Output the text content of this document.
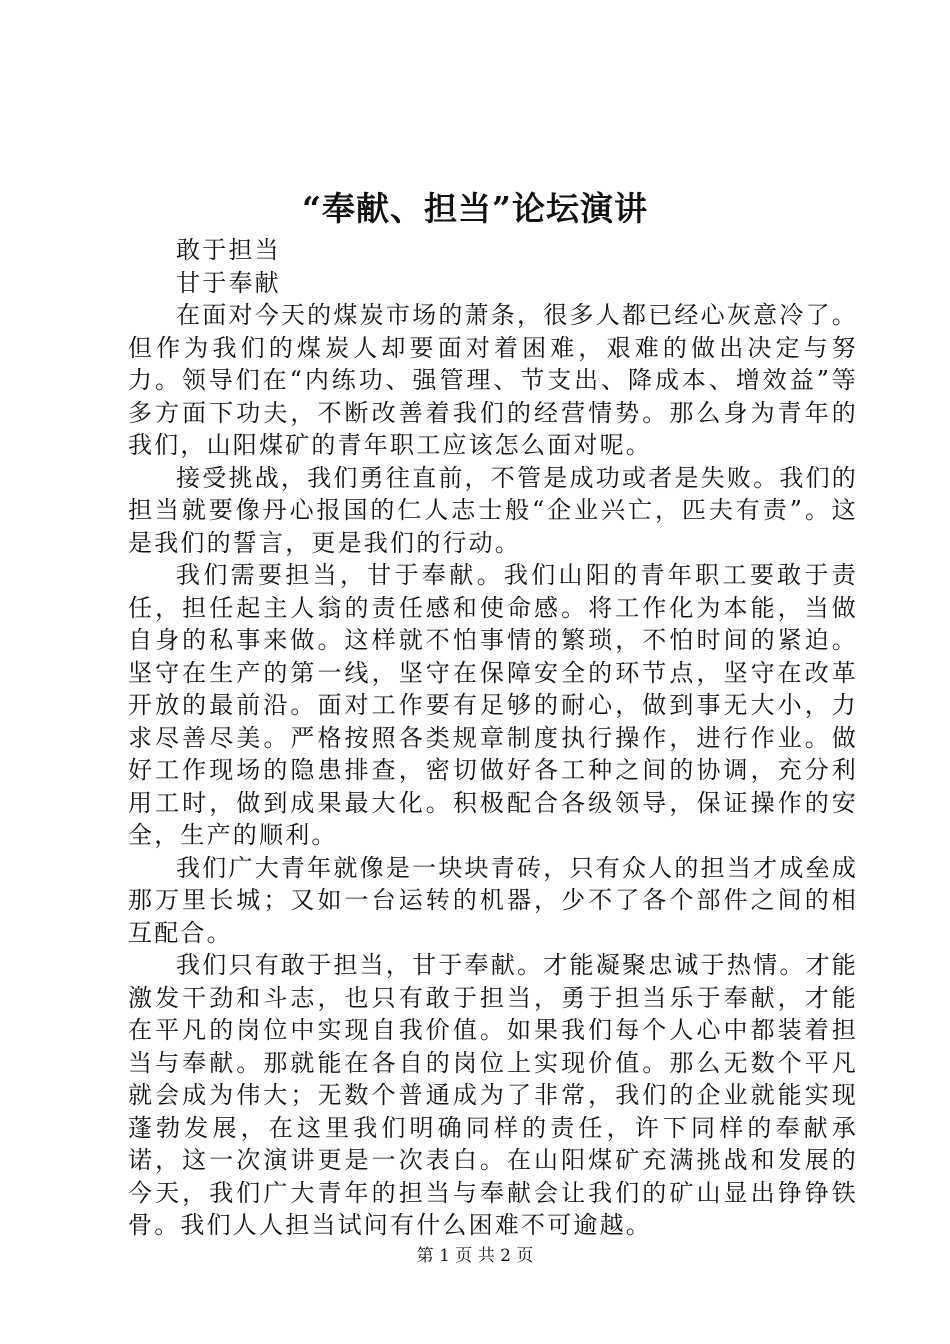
“奉献、担当”论坛演讲

敢于担当

甘于奉献

在面对今天的煤炭市场的萧条，很多人都已经心灰意冷了。但作为我们的煤炭人却要面对着困难，艰难的做出决定与努力。领导们在“内练功、强管理、节支出、降成本、增效益”等多方面下功夫，不断改善着我们的经营情势。那么身为青年的我们，山阳煤矿的青年职工应该怎么面对呢。

接受挑战，我们勇往直前，不管是成功或者是失败。我们的担当就要像丹心报国的仁人志士般“企业兴亡，匹夫有责”。这是我们的誓言，更是我们的行动。

我们需要担当，甘于奉献。我们山阳的青年职工要敢于责任，担任起主人翁的责任感和使命感。将工作化为本能，当做自身的私事来做。这样就不怕事情的繁琐，不怕时间的紧迫。坚守在生产的第一线，坚守在保障安全的环节点，坚守在改革开放的最前沿。面对工作要有足够的耐心，做到事无大小，力求尽善尽美。严格按照各类规章制度执行操作，进行作业。做好工作现场的隐患排查，密切做好各工种之间的协调，充分利用工时，做到成果最大化。积极配合各级领导，保证操作的安全，生产的顺利。

我们广大青年就像是一块块青砖，只有众人的担当才成垒成那万里长城；又如一台运转的机器，少不了各个部件之间的相互配合。

我们只有敢于担当，甘于奉献。才能凝聚忠诚于热情。才能激发干劲和斗志，也只有敢于担当，勇于担当乐于奉献，才能在平凡的岗位中实现自我价值。如果我们每个人心中都装着担当与奉献。那就能在各自的岗位上实现价值。那么无数个平凡就会成为伟大；无数个普通成为了非常，我们的企业就能实现蓬勃发展，在这里我们明确同样的责任，许下同样的奉献承诺，这一次演讲更是一次表白。在山阳煤矿充满挑战和发展的今天，我们广大青年的担当与奉献会让我们的矿山显出铮铮铁骨。我们人人担当试问有什么困难不可逾越。

第 1 页 共 2 页
